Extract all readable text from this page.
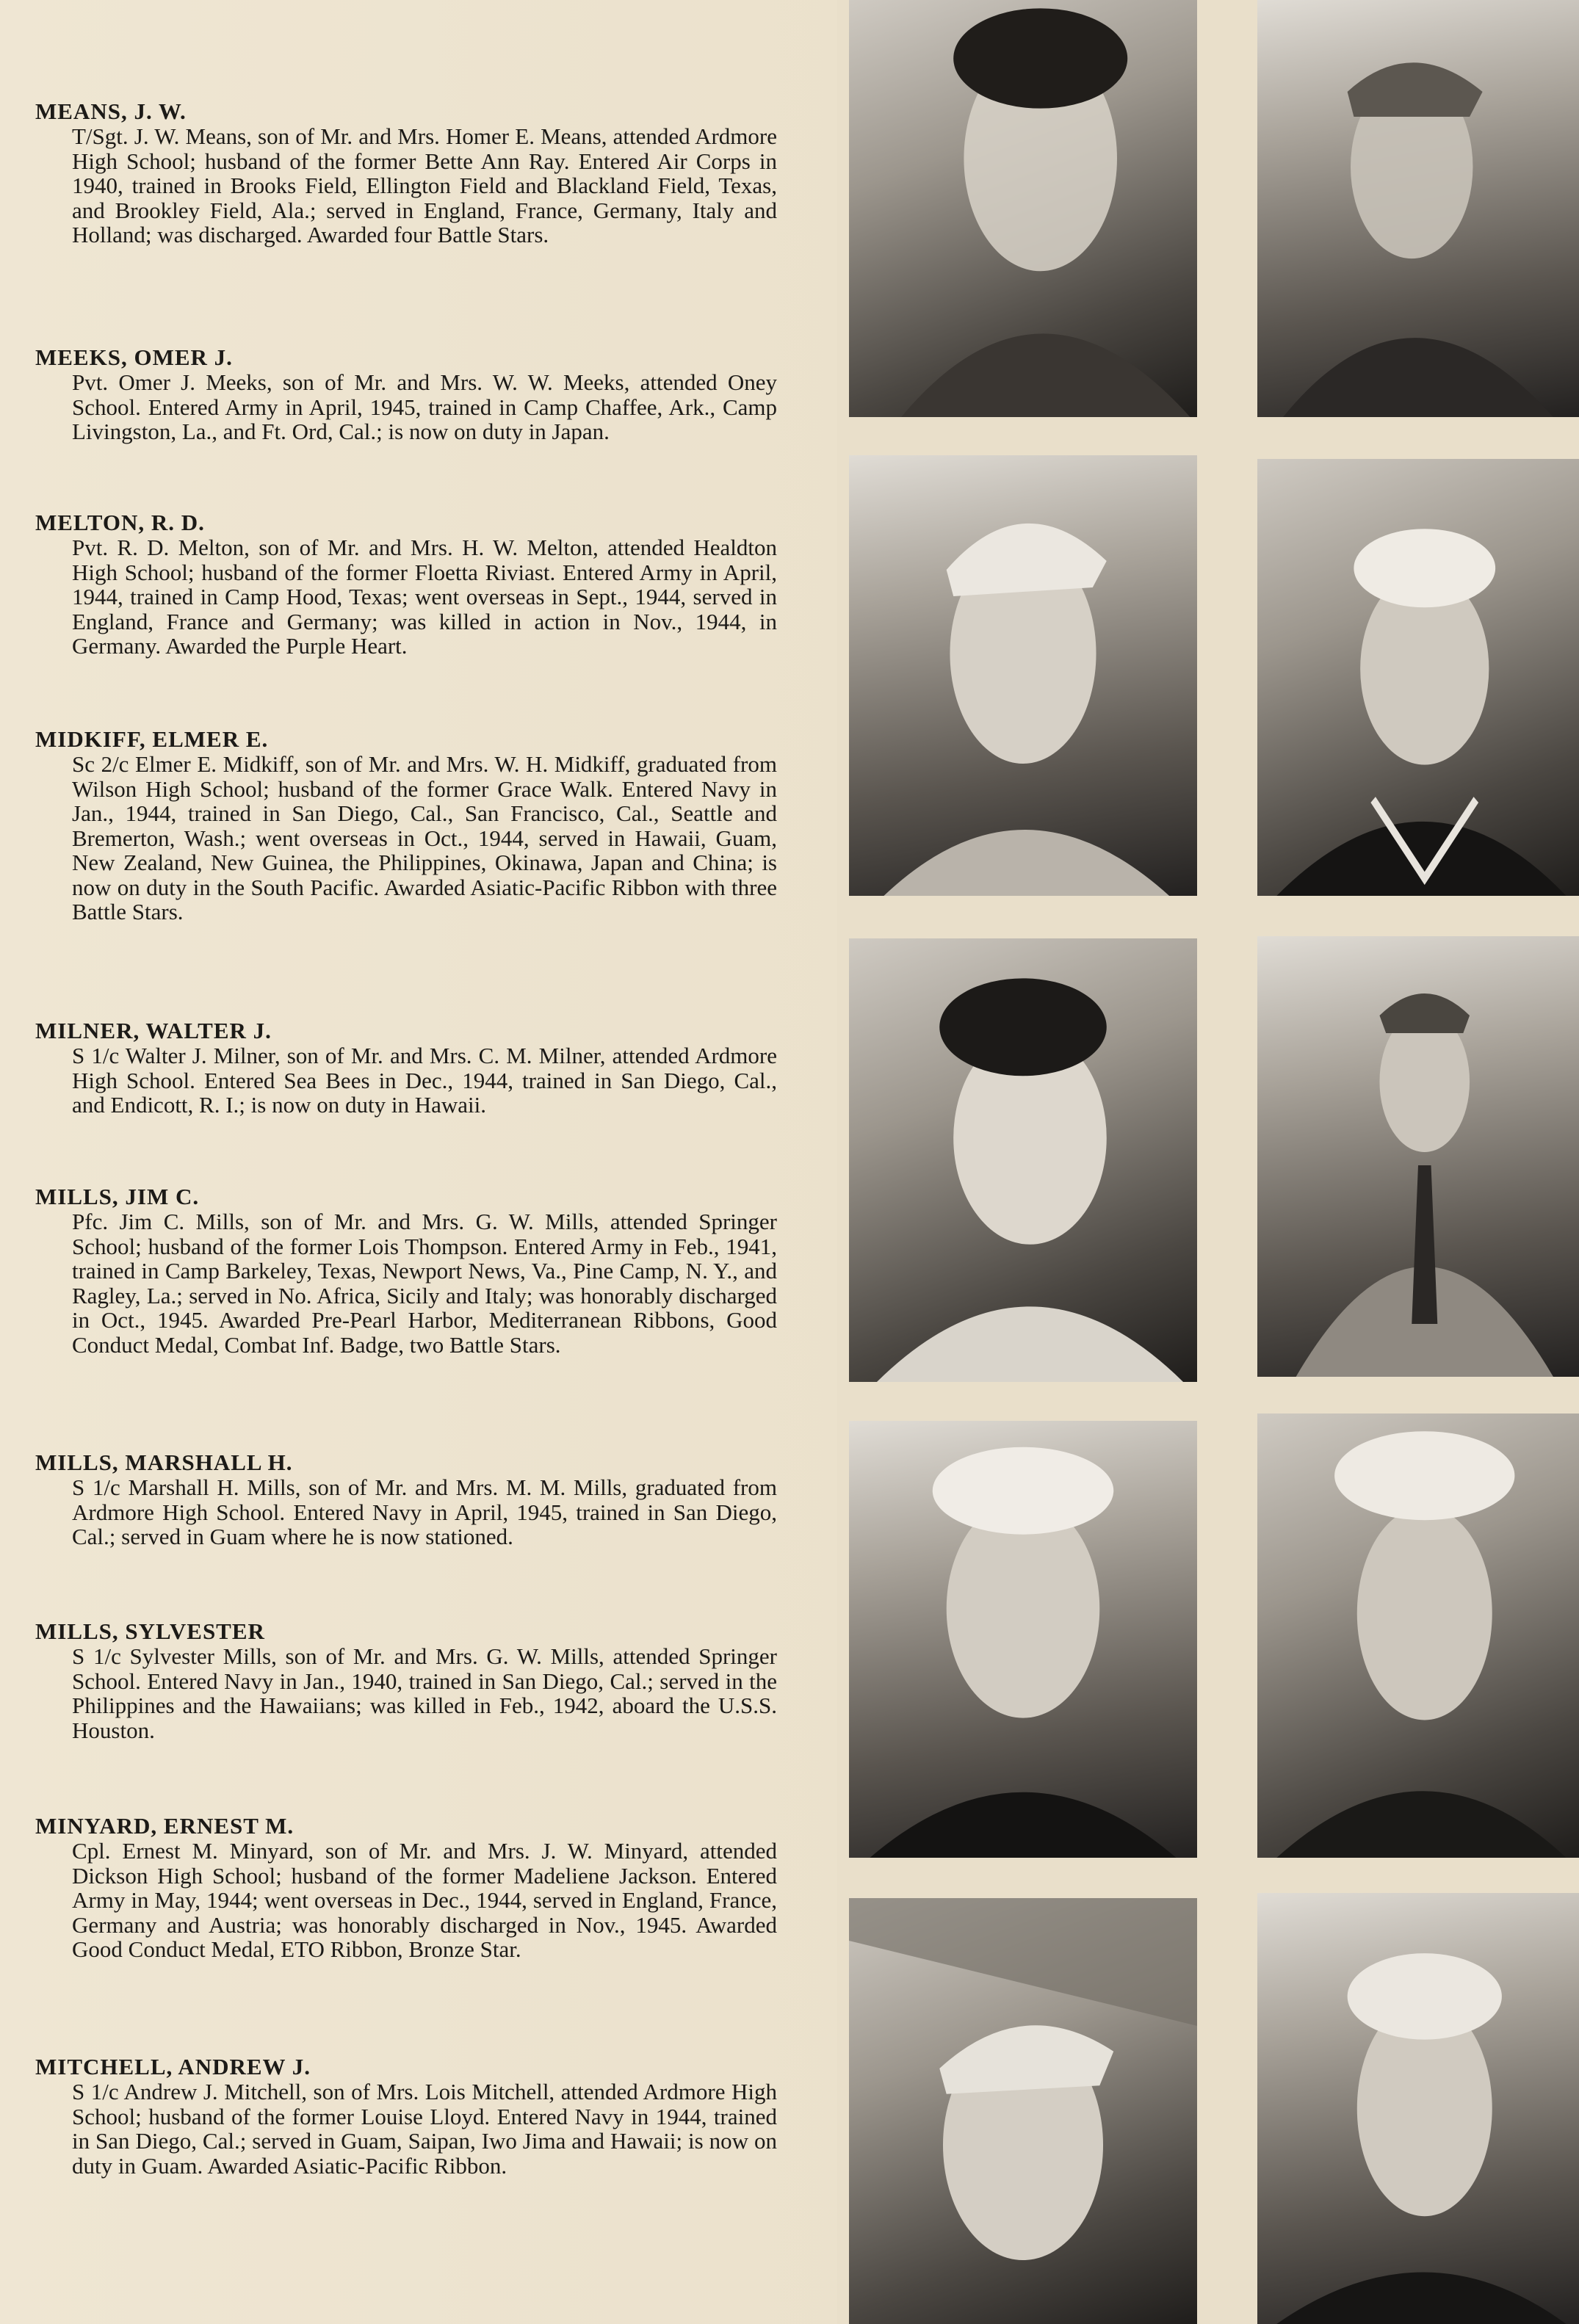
MEANS, J. W.

T/Sgt. J. W. Means, son of Mr. and Mrs. Homer E. Means, attended Ardmore High School; husband of the former Bette Ann Ray. Entered Air Corps in 1940, trained in Brooks Field, Ellington Field and Blackland Field, Texas, and Brookley Field, Ala.; served in England, France, Germany, Italy and Holland; was discharged. Awarded four Battle Stars.

MEEKS, OMER J.

Pvt. Omer J. Meeks, son of Mr. and Mrs. W. W. Meeks, attended Oney School. Entered Army in April, 1945, trained in Camp Chaffee, Ark., Camp Livingston, La., and Ft. Ord, Cal.; is now on duty in Japan.

MELTON, R. D.

Pvt. R. D. Melton, son of Mr. and Mrs. H. W. Melton, attended Healdton High School; husband of the former Floetta Riviast. Entered Army in April, 1944, trained in Camp Hood, Texas; went overseas in Sept., 1944, served in England, France and Germany; was killed in action in Nov., 1944, in Germany. Awarded the Purple Heart.

MIDKIFF, ELMER E.

Sc 2/c Elmer E. Midkiff, son of Mr. and Mrs. W. H. Midkiff, graduated from Wilson High School; husband of the former Grace Walk. Entered Navy in Jan., 1944, trained in San Diego, Cal., San Francisco, Cal., Seattle and Bremerton, Wash.; went overseas in Oct., 1944, served in Hawaii, Guam, New Zealand, New Guinea, the Philippines, Okinawa, Japan and China; is now on duty in the South Pacific. Awarded Asiatic-Pacific Ribbon with three Battle Stars.

MILNER, WALTER J.

S 1/c Walter J. Milner, son of Mr. and Mrs. C. M. Milner, attended Ardmore High School. Entered Sea Bees in Dec., 1944, trained in San Diego, Cal., and Endicott, R. I.; is now on duty in Hawaii.

MILLS, JIM C.

Pfc. Jim C. Mills, son of Mr. and Mrs. G. W. Mills, attended Springer School; husband of the former Lois Thompson. Entered Army in Feb., 1941, trained in Camp Barkeley, Texas, Newport News, Va., Pine Camp, N. Y., and Ragley, La.; served in No. Africa, Sicily and Italy; was honorably discharged in Oct., 1945. Awarded Pre-Pearl Harbor, Mediterranean Ribbons, Good Conduct Medal, Combat Inf. Badge, two Battle Stars.

MILLS, MARSHALL H.

S 1/c Marshall H. Mills, son of Mr. and Mrs. M. M. Mills, graduated from Ardmore High School. Entered Navy in April, 1945, trained in San Diego, Cal.; served in Guam where he is now stationed.

MILLS, SYLVESTER

S 1/c Sylvester Mills, son of Mr. and Mrs. G. W. Mills, attended Springer School. Entered Navy in Jan., 1940, trained in San Diego, Cal.; served in the Philippines and the Hawaiians; was killed in Feb., 1942, aboard the U.S.S. Houston.

MINYARD, ERNEST M.

Cpl. Ernest M. Minyard, son of Mr. and Mrs. J. W. Minyard, attended Dickson High School; husband of the former Madeliene Jackson. Entered Army in May, 1944; went overseas in Dec., 1944, served in England, France, Germany and Austria; was honorably discharged in Nov., 1945. Awarded Good Conduct Medal, ETO Ribbon, Bronze Star.

MITCHELL, ANDREW J.

S 1/c Andrew J. Mitchell, son of Mrs. Lois Mitchell, attended Ardmore High School; husband of the former Louise Lloyd. Entered Navy in 1944, trained in San Diego, Cal.; served in Guam, Saipan, Iwo Jima and Hawaii; is now on duty in Guam. Awarded Asiatic-Pacific Ribbon.
